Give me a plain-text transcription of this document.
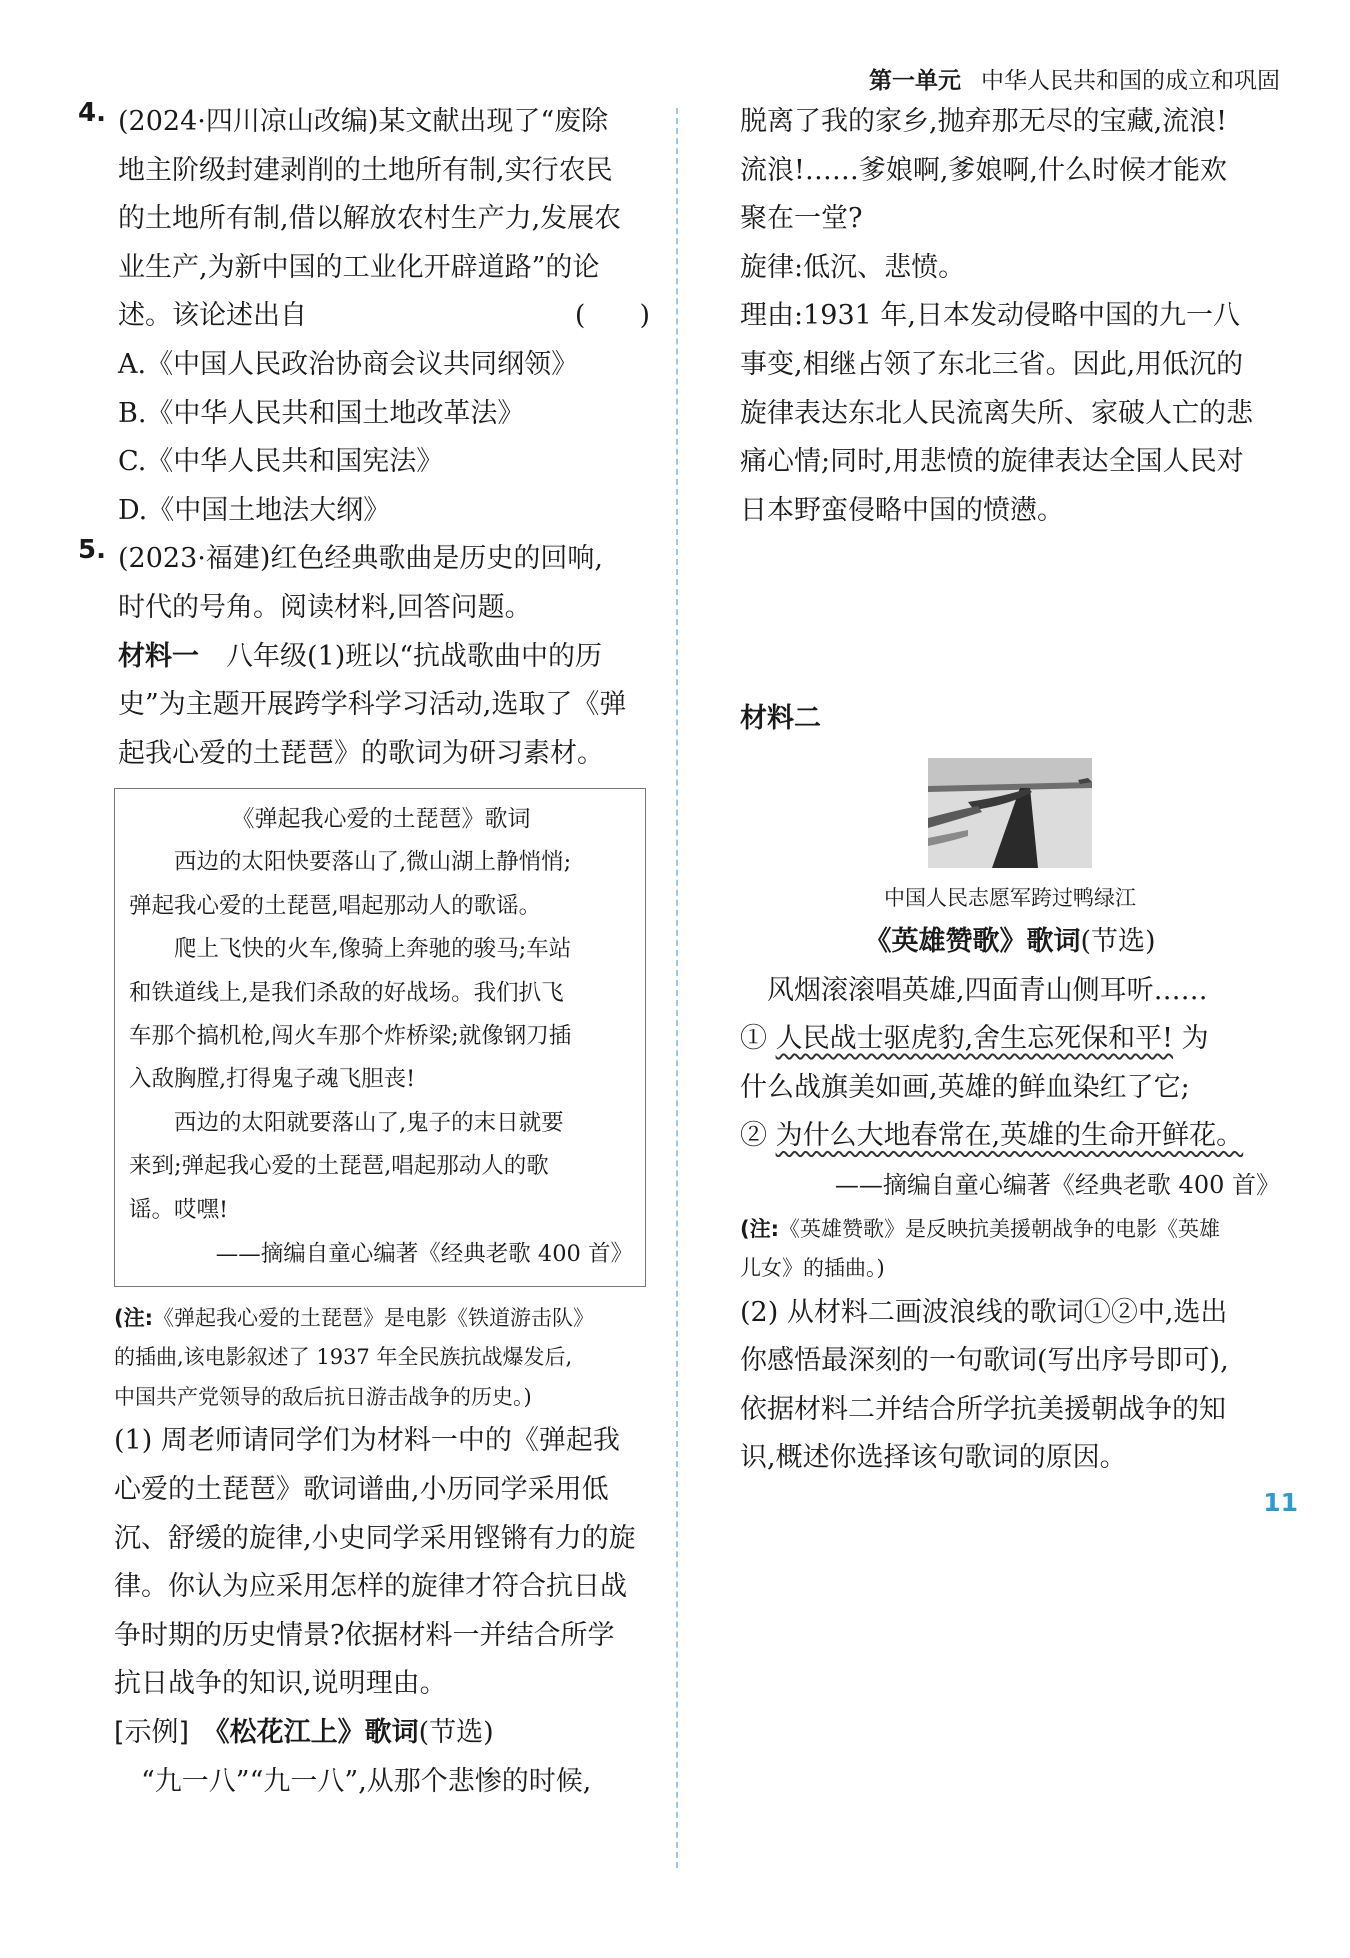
第一单元 中华人民共和国的成立和巩固
4. (2024·四川凉山改编)某文献出现了“废除
地主阶级封建剥削的土地所有制,实行农民
的土地所有制,借以解放农村生产力,发展农
业生产,为新中国的工业化开辟道路”的论
述。该论述出自	(　　)
A.《中国人民政治协商会议共同纲领》
B.《中华人民共和国土地改革法》
C.《中华人民共和国宪法》
D.《中国土地法大纲》
5. (2023·福建)红色经典歌曲是历史的回响,
时代的号角。阅读材料,回答问题。
材料一　八年级(1)班以“抗战歌曲中的历
史”为主题开展跨学科学习活动,选取了《弹
起我心爱的土琵琶》的歌词为研习素材。
《弹起我心爱的土琵琶》歌词
　　西边的太阳快要落山了,微山湖上静悄悄;
弹起我心爱的土琵琶,唱起那动人的歌谣。
　　爬上飞快的火车,像骑上奔驰的骏马;车站
和铁道线上,是我们杀敌的好战场。我们扒飞
车那个搞机枪,闯火车那个炸桥梁;就像钢刀插
入敌胸膛,打得鬼子魂飞胆丧!
　　西边的太阳就要落山了,鬼子的末日就要
来到;弹起我心爱的土琵琶,唱起那动人的歌
谣。哎嘿!
——摘编自童心编著《经典老歌 400 首》
(注:《弹起我心爱的土琵琶》是电影《铁道游击队》
的插曲,该电影叙述了 1937 年全民族抗战爆发后,
中国共产党领导的敌后抗日游击战争的历史。)
(1) 周老师请同学们为材料一中的《弹起我
心爱的土琵琶》歌词谱曲,小历同学采用低
沉、舒缓的旋律,小史同学采用铿锵有力的旋
律。你认为应采用怎样的旋律才符合抗日战
争时期的历史情景?依据材料一并结合所学
抗日战争的知识,说明理由。
[示例]　 《松花江上》歌词(节选)
　“九一八”“九一八”,从那个悲惨的时候,
脱离了我的家乡,抛弃那无尽的宝藏,流浪!
流浪!……爹娘啊,爹娘啊,什么时候才能欢
聚在一堂?
旋律:低沉、悲愤。
理由:1931 年,日本发动侵略中国的九一八
事变,相继占领了东北三省。因此,用低沉的
旋律表达东北人民流离失所、家破人亡的悲
痛心情;同时,用悲愤的旋律表达全国人民对
日本野蛮侵略中国的愤懑。
材料二
中国人民志愿军跨过鸭绿江
《英雄赞歌》歌词(节选)
　风烟滚滚唱英雄,四面青山侧耳听……
① 人民战士驱虎豹,舍生忘死保和平! 为
什么战旗美如画,英雄的鲜血染红了它;
② 为什么大地春常在,英雄的生命开鲜花。
——摘编自童心编著《经典老歌 400 首》
(注:《英雄赞歌》是反映抗美援朝战争的电影《英雄
儿女》的插曲。)
(2) 从材料二画波浪线的歌词①②中,选出
你感悟最深刻的一句歌词(写出序号即可),
依据材料二并结合所学抗美援朝战争的知
识,概述你选择该句歌词的原因。
11
